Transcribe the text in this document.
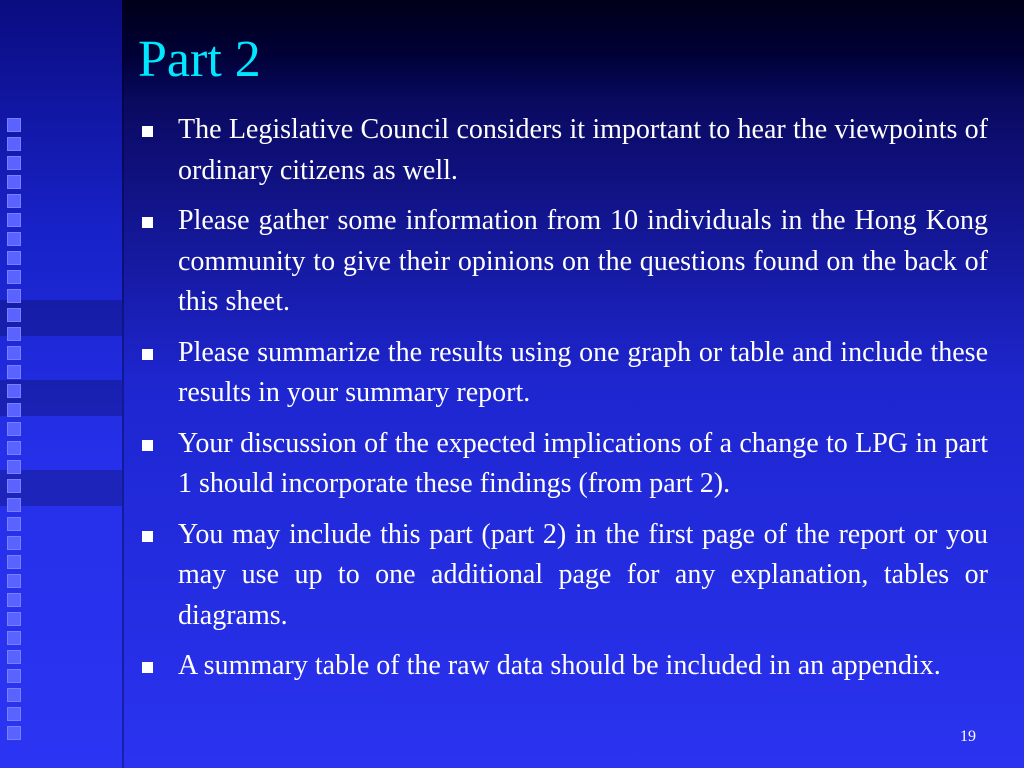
Part 2
The Legislative Council considers it important to hear the viewpoints of ordinary citizens as well.
Please gather some information from 10 individuals in the Hong Kong community to give their opinions on the questions found on the back of this sheet.
Please summarize the results using one graph or table and include these results in your summary report.
Your discussion of the expected implications of a change to LPG in part 1 should incorporate these findings (from part 2).
You may include this part (part 2) in the first page of the report or you may use up to one additional page for any explanation, tables or diagrams.
A summary table of the raw data should be included in an appendix.
19
